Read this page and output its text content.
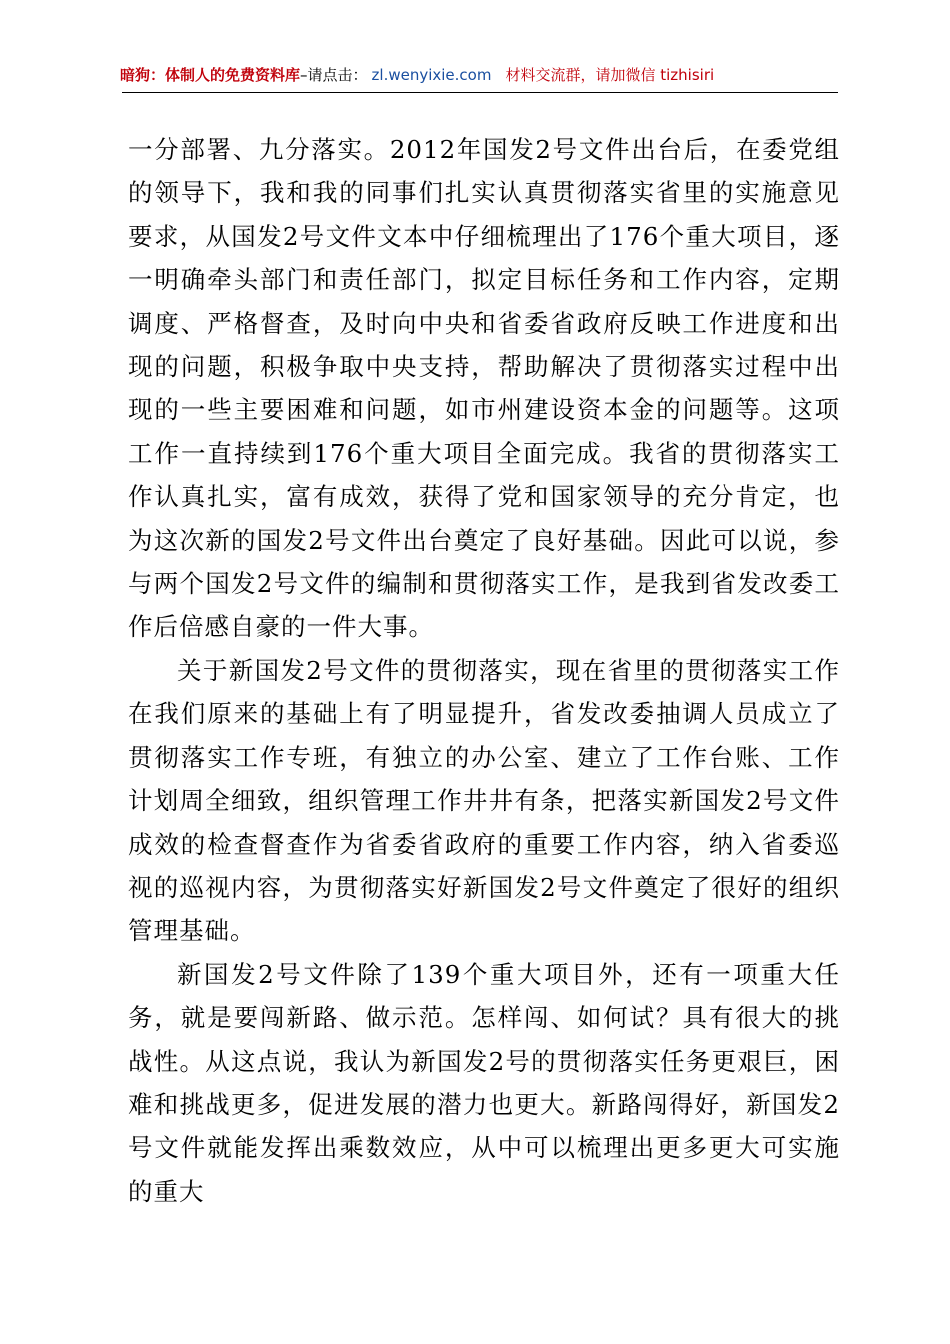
暗狗：体制人的免费资料库–请点击： zl.wenyixie.com 材料交流群，请加微信 tizhisiri

一分部署、九分落实。2012年国发2号文件出台后，在委党组的领导下，我和我的同事们扎实认真贯彻落实省里的实施意见要求，从国发2号文件文本中仔细梳理出了176个重大项目，逐一明确牵头部门和责任部门，拟定目标任务和工作内容，定期调度、严格督查，及时向中央和省委省政府反映工作进度和出现的问题，积极争取中央支持，帮助解决了贯彻落实过程中出现的一些主要困难和问题，如市州建设资本金的问题等。这项工作一直持续到176个重大项目全面完成。我省的贯彻落实工作认真扎实，富有成效，获得了党和国家领导的充分肯定，也为这次新的国发2号文件出台奠定了良好基础。因此可以说，参与两个国发2号文件的编制和贯彻落实工作，是我到省发改委工作后倍感自豪的一件大事。

关于新国发2号文件的贯彻落实，现在省里的贯彻落实工作在我们原来的基础上有了明显提升，省发改委抽调人员成立了贯彻落实工作专班，有独立的办公室、建立了工作台账、工作计划周全细致，组织管理工作井井有条，把落实新国发2号文件成效的检查督查作为省委省政府的重要工作内容，纳入省委巡视的巡视内容，为贯彻落实好新国发2号文件奠定了很好的组织管理基础。

新国发2号文件除了139个重大项目外，还有一项重大任务，就是要闯新路、做示范。怎样闯、如何试？具有很大的挑战性。从这点说，我认为新国发2号的贯彻落实任务更艰巨，困难和挑战更多，促进发展的潜力也更大。新路闯得好，新国发2号文件就能发挥出乘数效应，从中可以梳理出更多更大可实施的重大
